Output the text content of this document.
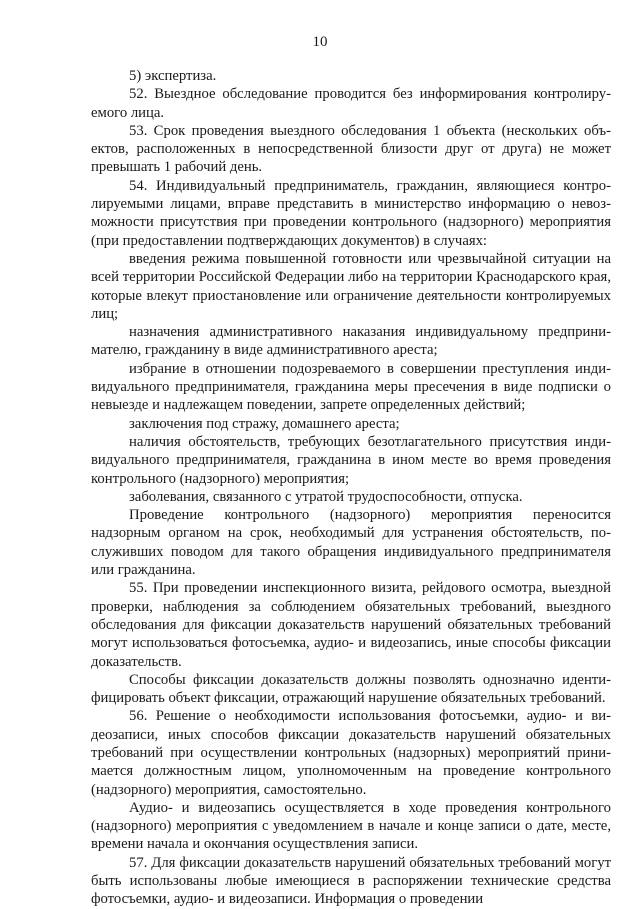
10

5) экспертиза.

52. Выездное обследование проводится без информирования контролируемого лица.

53. Срок проведения выездного обследования 1 объекта (нескольких объектов, расположенных в непосредственной близости друг от друга) не может превышать 1 рабочий день.

54. Индивидуальный предприниматель, гражданин, являющиеся контролируемыми лицами, вправе представить в министерство информацию о невозможности присутствия при проведении контрольного (надзорного) мероприятия (при предоставлении подтверждающих документов) в случаях:

введения режима повышенной готовности или чрезвычайной ситуации на всей территории Российской Федерации либо на территории Краснодарского края, которые влекут приостановление или ограничение деятельности контролируемых лиц;

назначения административного наказания индивидуальному предпринимателю, гражданину в виде административного ареста;

избрание в отношении подозреваемого в совершении преступления индивидуального предпринимателя, гражданина меры пресечения в виде подписки о невыезде и надлежащем поведении, запрете определенных действий;

заключения под стражу, домашнего ареста;

наличия обстоятельств, требующих безотлагательного присутствия индивидуального предпринимателя, гражданина в ином месте во время проведения контрольного (надзорного) мероприятия;

заболевания, связанного с утратой трудоспособности, отпуска.

Проведение контрольного (надзорного) мероприятия переносится надзорным органом на срок, необходимый для устранения обстоятельств, послуживших поводом для такого обращения индивидуального предпринимателя или гражданина.

55. При проведении инспекционного визита, рейдового осмотра, выездной проверки, наблюдения за соблюдением обязательных требований, выездного обследования для фиксации доказательств нарушений обязательных требований могут использоваться фотосъемка, аудио- и видеозапись, иные способы фиксации доказательств.

Способы фиксации доказательств должны позволять однозначно идентифицировать объект фиксации, отражающий нарушение обязательных требований.

56. Решение о необходимости использования фотосъемки, аудио- и видеозаписи, иных способов фиксации доказательств нарушений обязательных требований при осуществлении контрольных (надзорных) мероприятий принимается должностным лицом, уполномоченным на проведение контрольного (надзорного) мероприятия, самостоятельно.

Аудио- и видеозапись осуществляется в ходе проведения контрольного (надзорного) мероприятия с уведомлением в начале и конце записи о дате, месте, времени начала и окончания осуществления записи.

57. Для фиксации доказательств нарушений обязательных требований могут быть использованы любые имеющиеся в распоряжении технические средства фотосъемки, аудио- и видеозаписи. Информация о проведении
